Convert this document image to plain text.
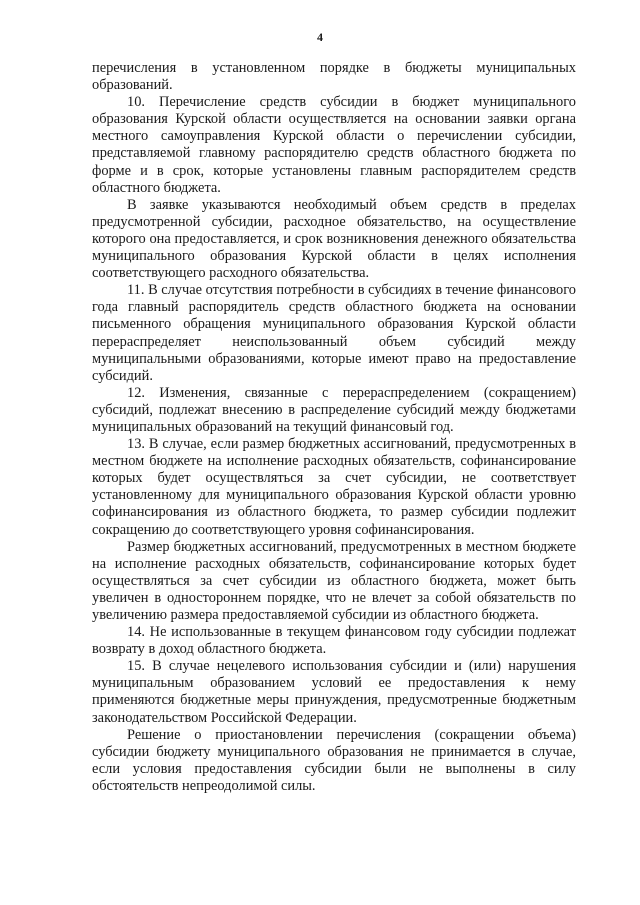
4

перечисления в установленном порядке в бюджеты муниципальных образований.

10. Перечисление средств субсидии в бюджет муниципального образования Курской области осуществляется на основании заявки органа местного самоуправления Курской области о перечислении субсидии, представляемой главному распорядителю средств областного бюджета по форме и в срок, которые установлены главным распорядителем средств областного бюджета.

В заявке указываются необходимый объем средств в пределах предусмотренной субсидии, расходное обязательство, на осуществление которого она предоставляется, и срок возникновения денежного обязательства муниципального образования Курской области в целях исполнения соответствующего расходного обязательства.

11. В случае отсутствия потребности в субсидиях в течение финансового года главный распорядитель средств областного бюджета на основании письменного обращения муниципального образования Курской области перераспределяет неиспользованный объем субсидий между муниципальными образованиями, которые имеют право на предоставление субсидий.

12. Изменения, связанные с перераспределением (сокращением) субсидий, подлежат внесению в распределение субсидий между бюджетами муниципальных образований на текущий финансовый год.

13. В случае, если размер бюджетных ассигнований, предусмотренных в местном бюджете на исполнение расходных обязательств, софинансирование которых будет осуществляться за счет субсидии, не соответствует установленному для муниципального образования Курской области уровню софинансирования из областного бюджета, то размер субсидии подлежит сокращению до соответствующего уровня софинансирования.

Размер бюджетных ассигнований, предусмотренных в местном бюджете на исполнение расходных обязательств, софинансирование которых будет осуществляться за счет субсидии из областного бюджета, может быть увеличен в одностороннем порядке, что не влечет за собой обязательств по увеличению размера предоставляемой субсидии из областного бюджета.

14. Не использованные в текущем финансовом году субсидии подлежат возврату в доход областного бюджета.

15. В случае нецелевого использования субсидии и (или) нарушения муниципальным образованием условий ее предоставления к нему применяются бюджетные меры принуждения, предусмотренные бюджетным законодательством Российской Федерации.

Решение о приостановлении перечисления (сокращении объема) субсидии бюджету муниципального образования не принимается в случае, если условия предоставления субсидии были не выполнены в силу обстоятельств непреодолимой силы.
